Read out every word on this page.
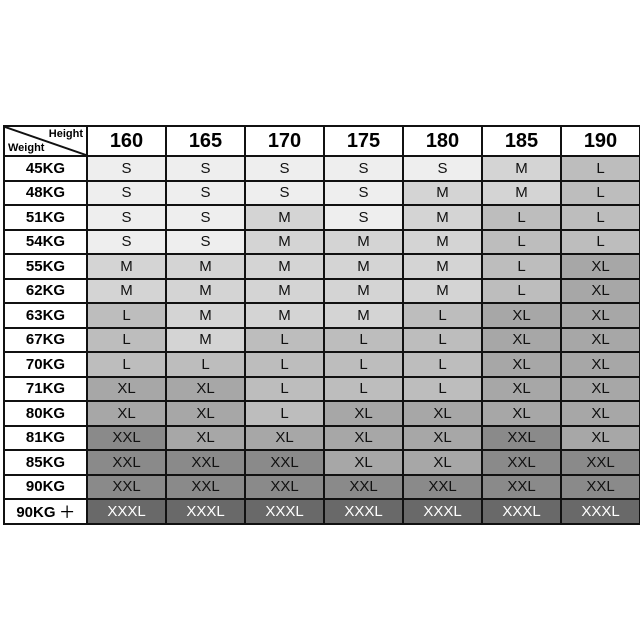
Height
Weight	160	165	170	175	180	185	190
45KG	S	S	S	S	S	M	L
48KG	S	S	S	S	M	M	L
51KG	S	S	M	S	M	L	L
54KG	S	S	M	M	M	L	L
55KG	M	M	M	M	M	L	XL
62KG	M	M	M	M	M	L	XL
63KG	L	M	M	M	L	XL	XL
67KG	L	M	L	L	L	XL	XL
70KG	L	L	L	L	L	XL	XL
71KG	XL	XL	L	L	L	XL	XL
80KG	XL	XL	L	XL	XL	XL	XL
81KG	XXL	XL	XL	XL	XL	XXL	XL
85KG	XXL	XXL	XXL	XL	XL	XXL	XXL
90KG	XXL	XXL	XXL	XXL	XXL	XXL	XXL
90KG ＋	XXXL	XXXL	XXXL	XXXL	XXXL	XXXL	XXXL
